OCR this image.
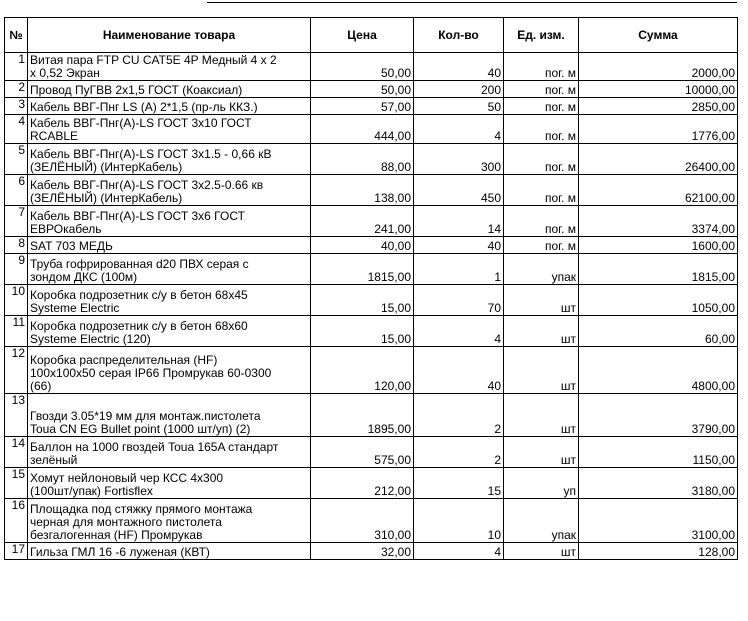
№	Наименование товара	Цена	Кол-во	Ед. изм.	Сумма
1	Витая пара FTP CU CAT5E 4P Медный 4 х 2
х 0,52 Экран	50,00	40	пог. м	2000,00
2	Провод ПуГВВ 2х1,5 ГОСТ (Коаксиал)	50,00	200	пог. м	10000,00
3	Кабель ВВГ-Пнг LS (А) 2*1,5 (пр-ль ККЗ.)	57,00	50	пог. м	2850,00
4	Кабель ВВГ-Пнг(А)-LS ГОСТ 3х10 ГОСТ
RCABLE	444,00	4	пог. м	1776,00
5	Кабель ВВГ-Пнг(А)-LS ГОСТ 3х1.5 - 0,66 кВ
(ЗЕЛЁНЫЙ) (ИнтерКабель)	88,00	300	пог. м	26400,00
6	Кабель ВВГ-Пнг(А)-LS ГОСТ 3х2.5-0.66 кв
(ЗЕЛЁНЫЙ) (ИнтерКабель)	138,00	450	пог. м	62100,00
7	Кабель ВВГ-Пнг(А)-LS ГОСТ 3х6 ГОСТ
ЕВРОкабель	241,00	14	пог. м	3374,00
8	SAT 703 МЕДЬ	40,00	40	пог. м	1600,00
9	Труба гофрированная d20 ПВХ серая с
зондом ДКС (100м)	1815,00	1	упак	1815,00
10	Коробка подрозетник с/у в бетон 68х45
Systeme Electric	15,00	70	шт	1050,00
11	Коробка подрозетник с/у в бетон 68х60
Systeme Electric (120)	15,00	4	шт	60,00
12	Коробка распределительная (HF)
100х100х50 серая IP66 Промрукав 60-0300
(66)	120,00	40	шт	4800,00
13	Гвозди 3.05*19 мм для монтаж.пистолета
Toua CN EG Bullet point (1000 шт/уп) (2)	1895,00	2	шт	3790,00
14	Баллон на 1000 гвоздей Toua 165A стандарт
зелёный	575,00	2	шт	1150,00
15	Хомут нейлоновый чер КСС 4х300
(100шт/упак) Fortisflex	212,00	15	уп	3180,00
16	Площадка под стяжку прямого монтажа
черная для монтажного пистолета
безгалогенная (HF) Промрукав	310,00	10	упак	3100,00
17	Гильза ГМЛ 16 -6 луженая (КВТ)	32,00	4	шт	128,00
